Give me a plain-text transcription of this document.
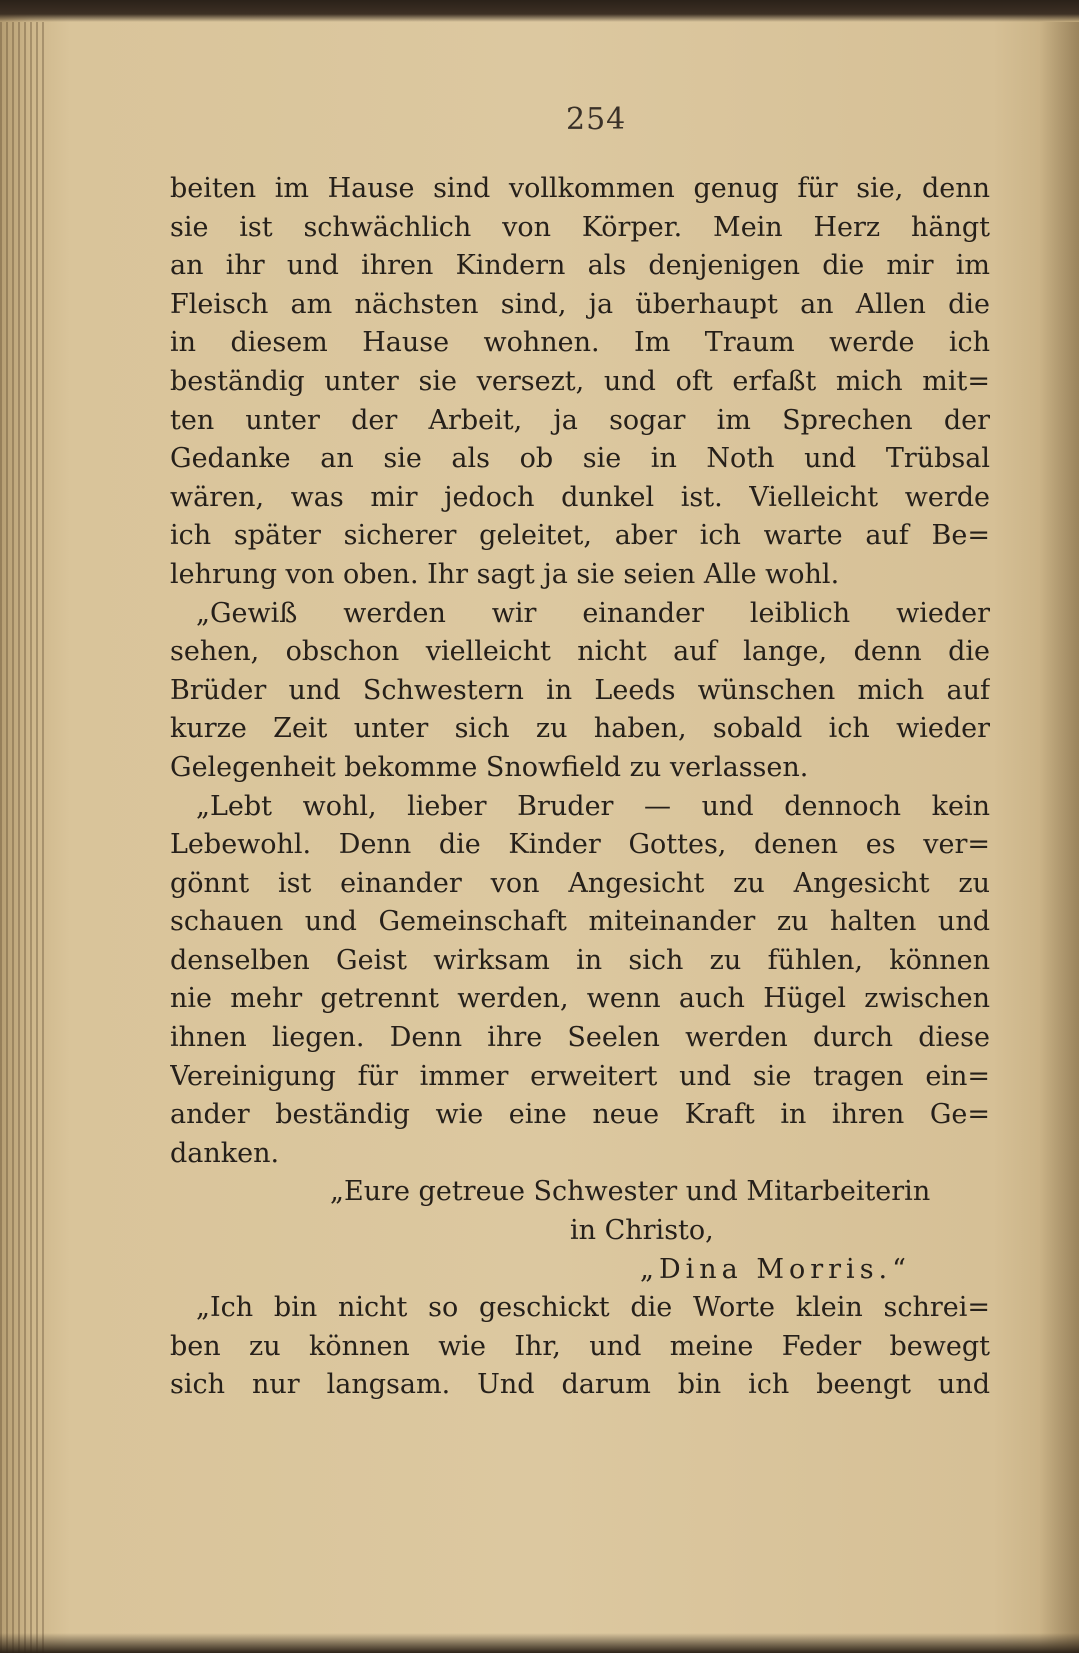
254
beiten im Hause sind vollkommen genug für sie, denn
sie ist schwächlich von Körper. Mein Herz hängt
an ihr und ihren Kindern als denjenigen die mir im
Fleisch am nächsten sind, ja überhaupt an Allen die
in diesem Hause wohnen. Im Traum werde ich
beständig unter sie versezt, und oft erfaßt mich mit=
ten unter der Arbeit, ja sogar im Sprechen der
Gedanke an sie als ob sie in Noth und Trübsal
wären, was mir jedoch dunkel ist. Vielleicht werde
ich später sicherer geleitet, aber ich warte auf Be=
lehrung von oben. Ihr sagt ja sie seien Alle wohl.
„Gewiß werden wir einander leiblich wieder
sehen, obschon vielleicht nicht auf lange, denn die
Brüder und Schwestern in Leeds wünschen mich auf
kurze Zeit unter sich zu haben, sobald ich wieder
Gelegenheit bekomme Snowfield zu verlassen.
„Lebt wohl, lieber Bruder — und dennoch kein
Lebewohl. Denn die Kinder Gottes, denen es ver=
gönnt ist einander von Angesicht zu Angesicht zu
schauen und Gemeinschaft miteinander zu halten und
denselben Geist wirksam in sich zu fühlen, können
nie mehr getrennt werden, wenn auch Hügel zwischen
ihnen liegen. Denn ihre Seelen werden durch diese
Vereinigung für immer erweitert und sie tragen ein=
ander beständig wie eine neue Kraft in ihren Ge=
danken.
„Eure getreue Schwester und Mitarbeiterin
in Christo,
„Dina Morris.“
„Ich bin nicht so geschickt die Worte klein schrei=
ben zu können wie Ihr, und meine Feder bewegt
sich nur langsam. Und darum bin ich beengt und
